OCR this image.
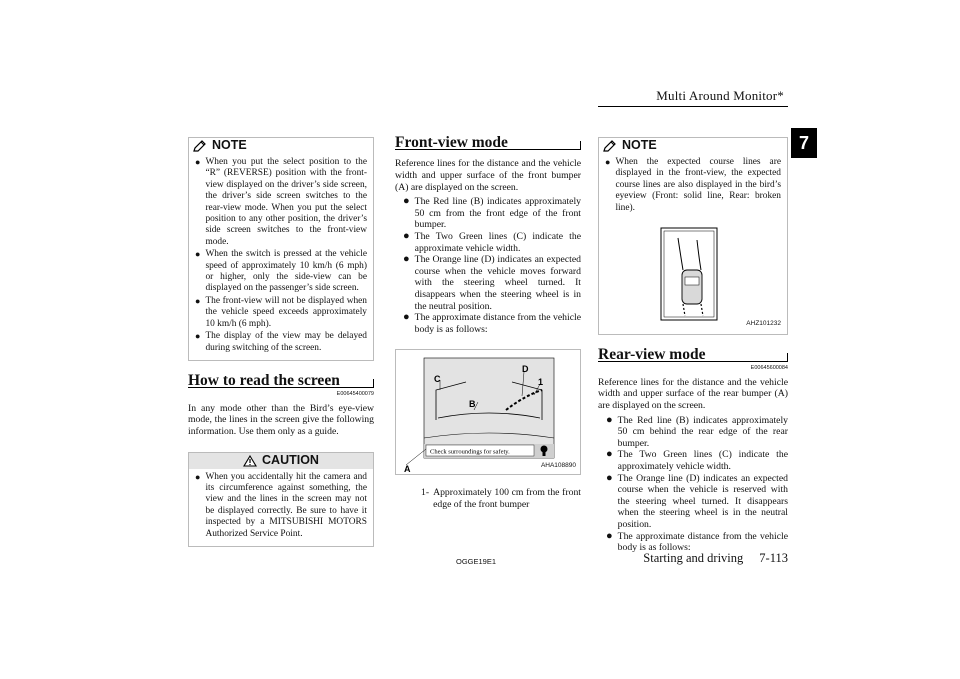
Multi Around Monitor*
7
NOTE
● When you put the select position to the “R” (REVERSE) position with the front-view displayed on the driver’s side screen, the driver’s side screen switches to the rear-view mode. When you put the select position to any other position, the driver’s side screen switches to the front-view mode.
● When the switch is pressed at the vehicle speed of approximately 10 km/h (6 mph) or higher, only the side-view can be displayed on the passenger’s side screen.
● The front-view will not be displayed when the vehicle speed exceeds approximately 10 km/h (6 mph).
● The display of the view may be delayed during switching of the screen.
How to read the screen
E00645400079

In any mode other than the Bird’s eye-view mode, the lines in the screen give the following information. Use them only as a guide.

CAUTION
● When you accidentally hit the camera and its circumference against something, the view and the lines in the screen may not be displayed correctly. Be sure to have it inspected by a MITSUBISHI MOTORS Authorized Service Point.
Front-view mode

Reference lines for the distance and the vehicle width and upper surface of the front bumper (A) are displayed on the screen.

● The Red line (B) indicates approximately 50 cm from the front edge of the front bumper.
● The Two Green lines (C) indicate the approximate vehicle width.
● The Orange line (D) indicates an expected course when the vehicle moves forward with the steering wheel turned. It disappears when the steering wheel is in the neutral position.
● The approximate distance from the vehicle body is as follows:
A
B
C
D
1
Check surroundings for safety.
AHA108890
1- Approximately 100 cm from the front edge of the front bumper
NOTE
● When the expected course lines are displayed in the front-view, the expected course lines are also displayed in the bird’s eyeview (Front: solid line, Rear: broken line).
AHZ101232
Rear-view mode
E00645600084

Reference lines for the distance and the vehicle width and upper surface of the rear bumper (A) are displayed on the screen.

● The Red line (B) indicates approximately 50 cm behind the rear edge of the rear bumper.
● The Two Green lines (C) indicate the approximately vehicle width.
● The Orange line (D) indicates an expected course when the vehicle is reserved with the steering wheel turned. It disappears when the steering wheel is in the neutral position.
● The approximate distance from the vehicle body is as follows:
OGGE19E1	Starting and driving 7-113
